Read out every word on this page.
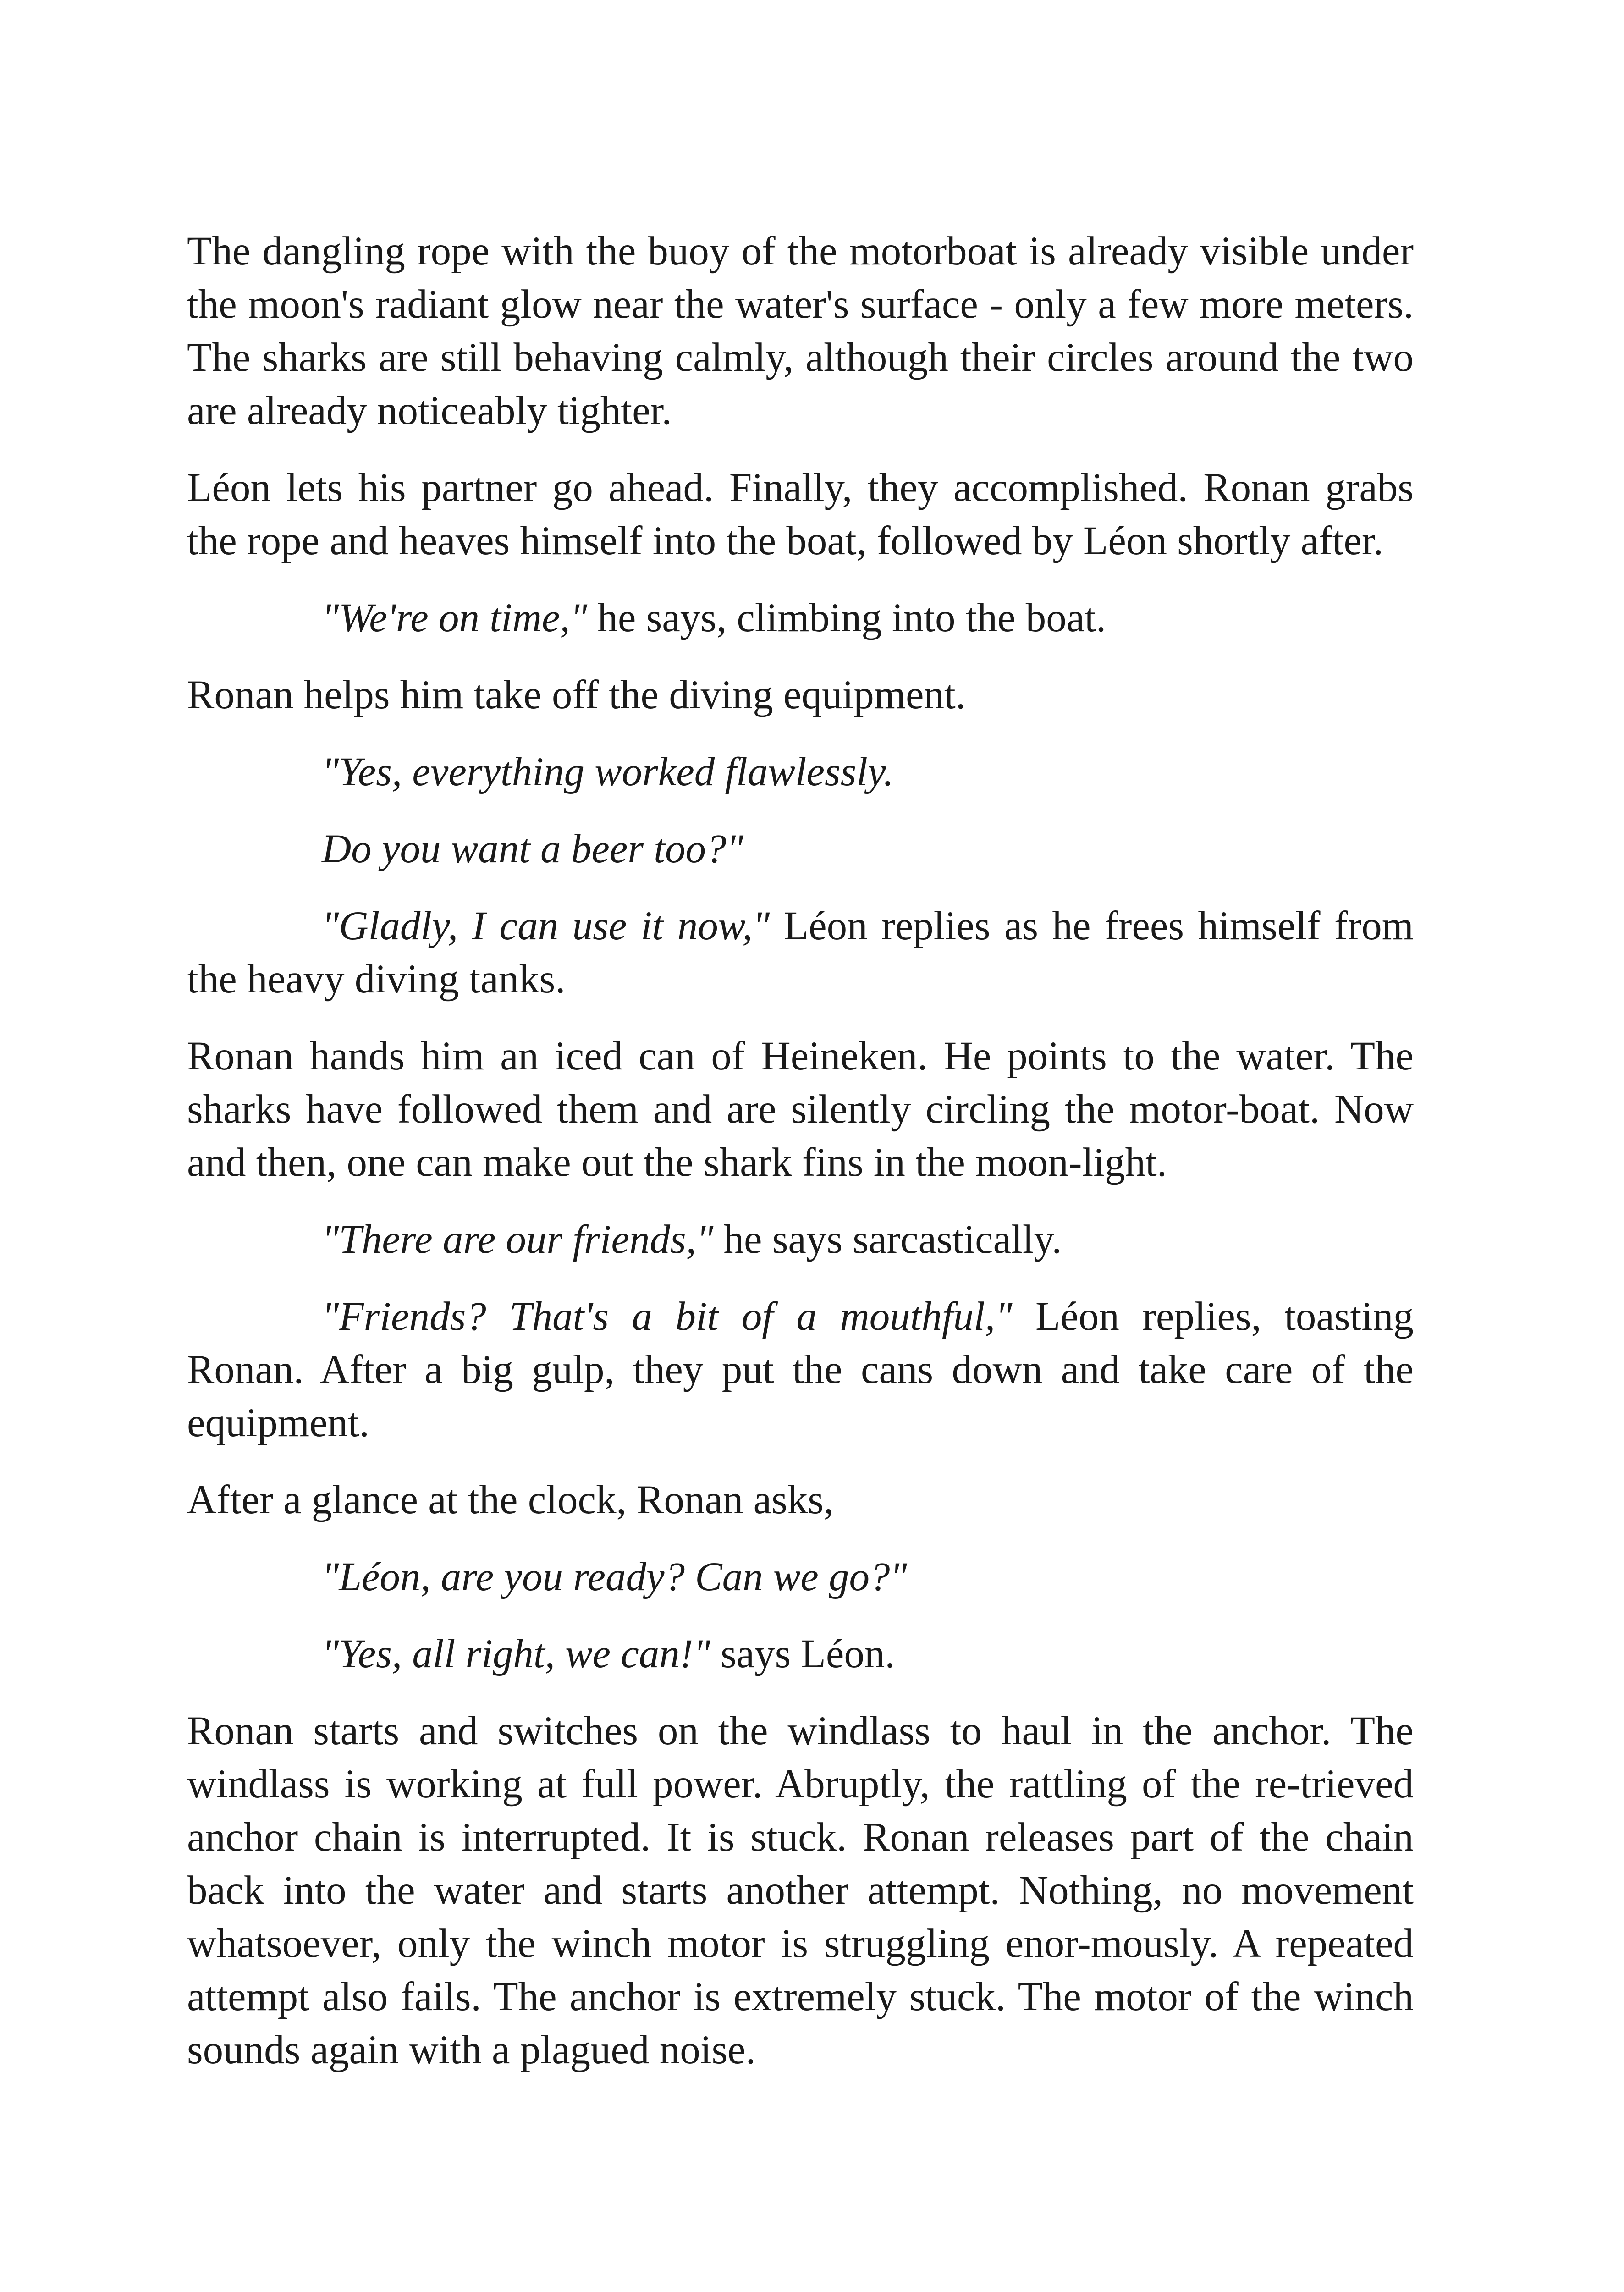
The dangling rope with the buoy of the motorboat is already visible under the moon's radiant glow near the water's surface - only a few more meters. The sharks are still behaving calmly, although their circles around the two are already noticeably tighter.

Léon lets his partner go ahead. Finally, they accomplished. Ronan grabs the rope and heaves himself into the boat, followed by Léon shortly after.

"We're on time," he says, climbing into the boat.

Ronan helps him take off the diving equipment.

"Yes, everything worked flawlessly.

Do you want a beer too?"

"Gladly, I can use it now," Léon replies as he frees himself from the heavy diving tanks.

Ronan hands him an iced can of Heineken. He points to the water. The sharks have followed them and are silently circling the motor-boat. Now and then, one can make out the shark fins in the moon-light.

"There are our friends," he says sarcastically.

"Friends? That's a bit of a mouthful," Léon replies, toasting Ronan. After a big gulp, they put the cans down and take care of the equipment.

After a glance at the clock, Ronan asks,

"Léon, are you ready? Can we go?"

"Yes, all right, we can!" says Léon.

Ronan starts and switches on the windlass to haul in the anchor. The windlass is working at full power. Abruptly, the rattling of the re-trieved anchor chain is interrupted. It is stuck. Ronan releases part of the chain back into the water and starts another attempt. Nothing, no movement whatsoever, only the winch motor is struggling enor-mously. A repeated attempt also fails. The anchor is extremely stuck. The motor of the winch sounds again with a plagued noise.
